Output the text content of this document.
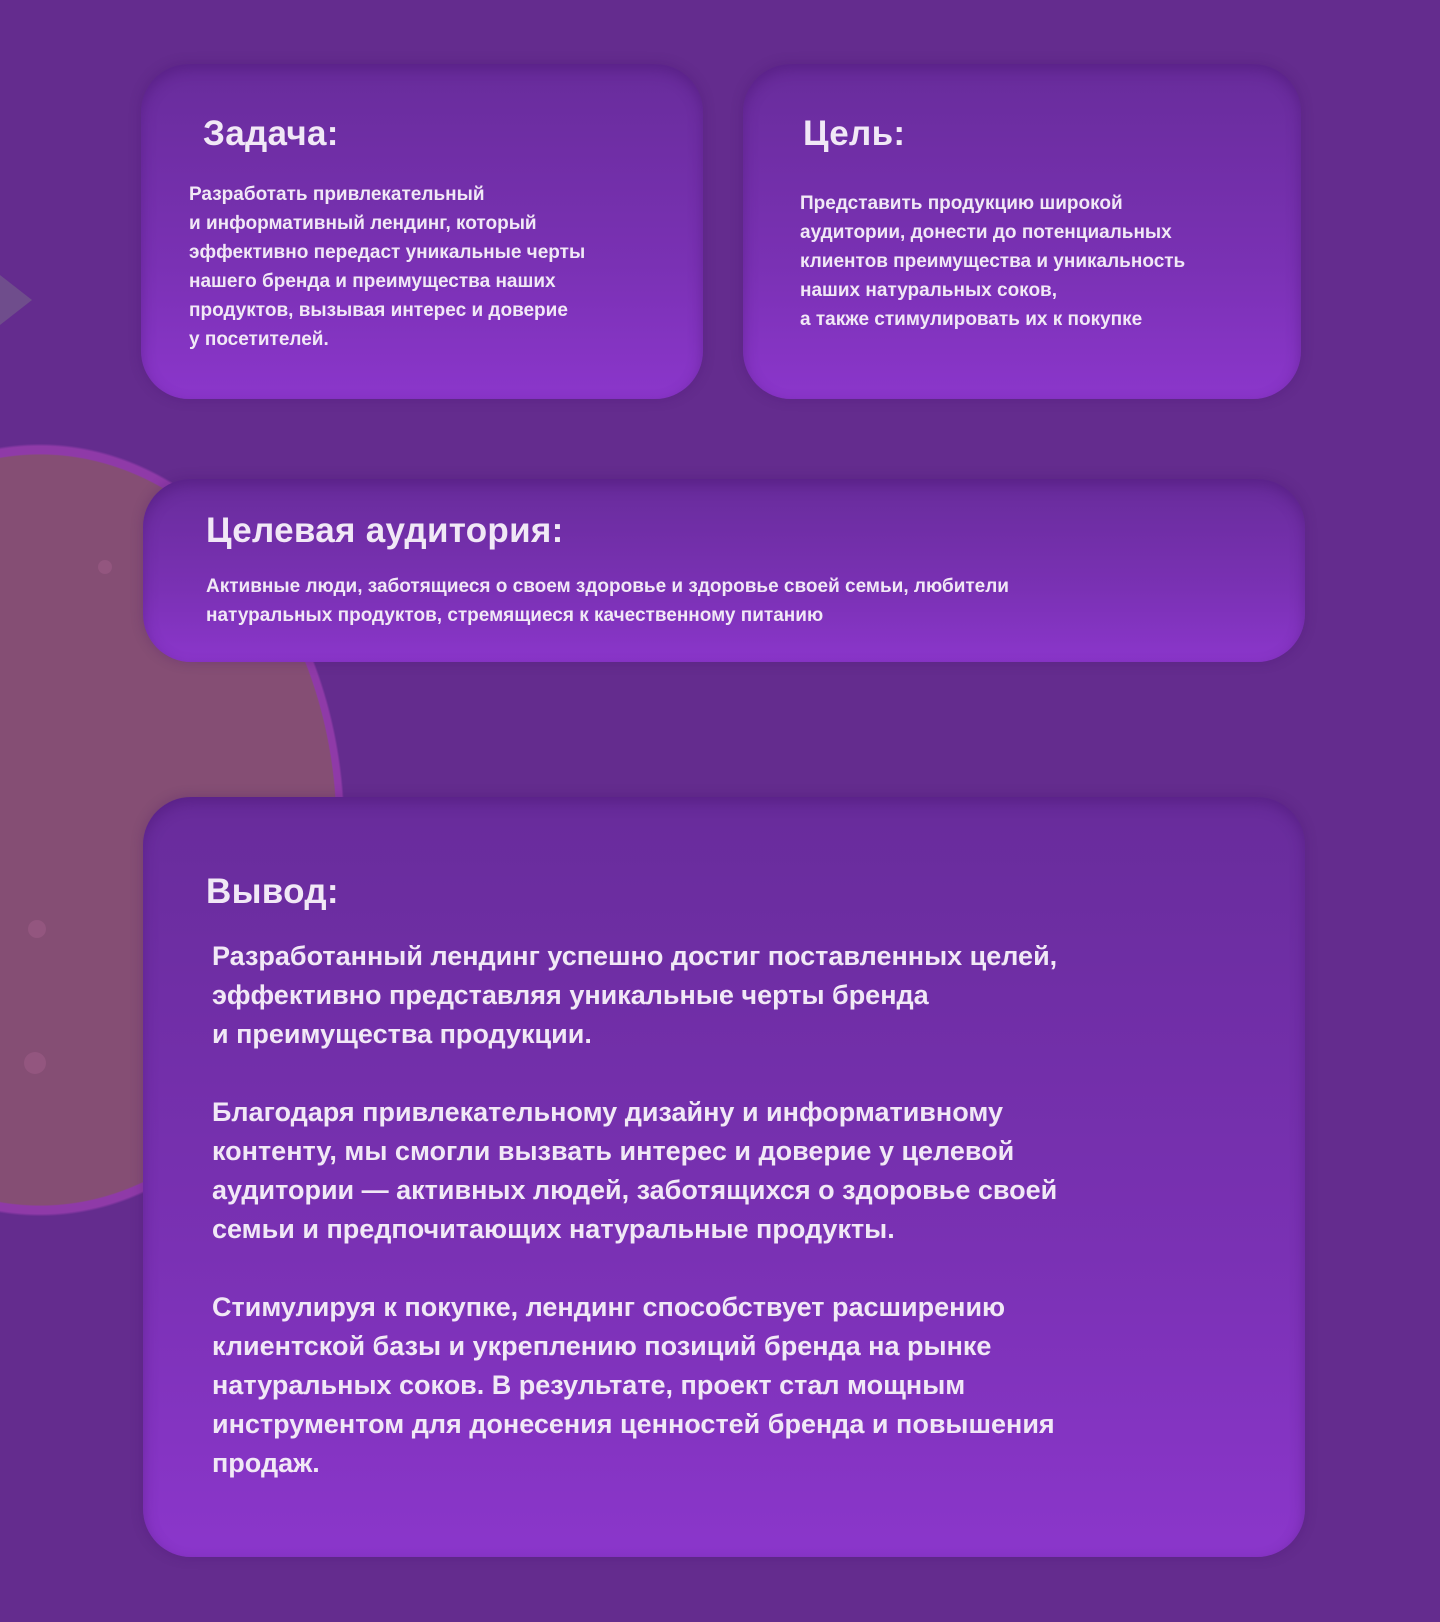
Задача:

Разработать привлекательный

и информативный лендинг, который

эффективно передаст уникальные черты

нашего бренда и преимущества наших

продуктов, вызывая интерес и доверие

у посетителей.

Цель:

Представить продукцию широкой

аудитории, донести до потенциальных

клиентов преимущества и уникальность

наших натуральных соков,

а также стимулировать их к покупке

Целевая аудитория:

Активные люди, заботящиеся о своем здоровье и здоровье своей семьи, любители

натуральных продуктов, стремящиеся к качественному питанию

Вывод:

Разработанный лендинг успешно достиг поставленных целей,

эффективно представляя уникальные черты бренда

и преимущества продукции.

Благодаря привлекательному дизайну и информативному

контенту, мы смогли вызвать интерес и доверие у целевой

аудитории — активных людей, заботящихся о здоровье своей

семьи и предпочитающих натуральные продукты.

Стимулируя к покупке, лендинг способствует расширению

клиентской базы и укреплению позиций бренда на рынке

натуральных соков. В результате, проект стал мощным

инструментом для донесения ценностей бренда и повышения

продаж.
